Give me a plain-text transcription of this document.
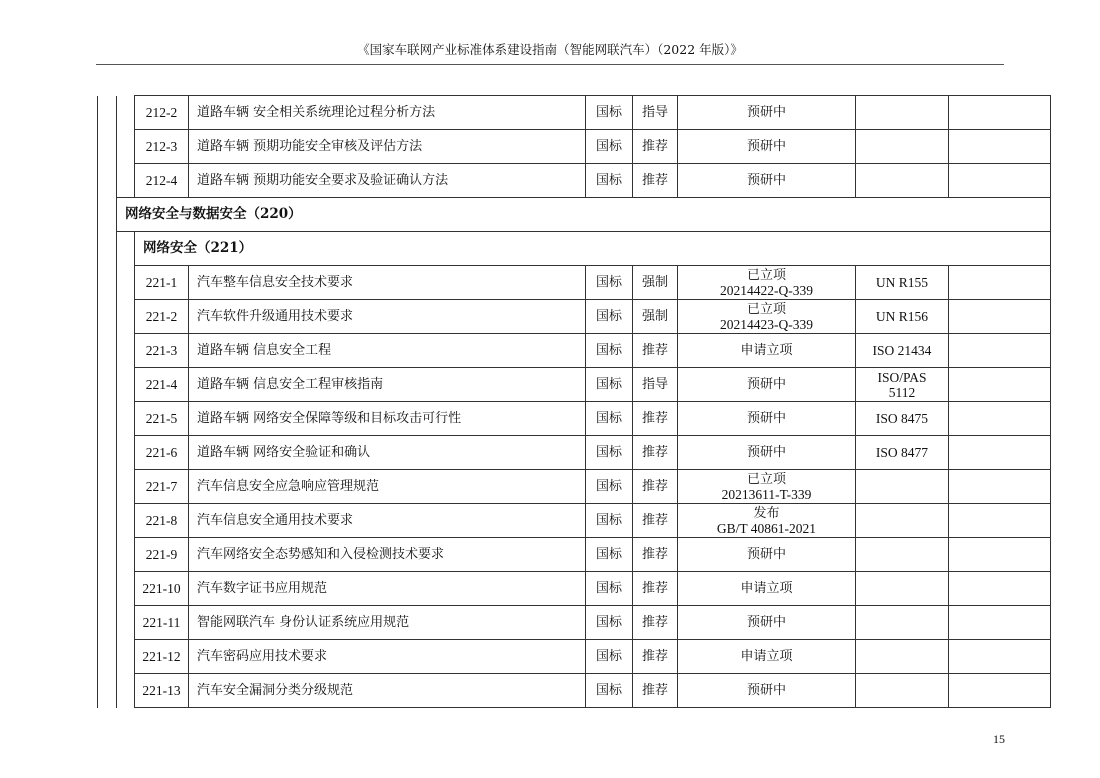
《国家车联网产业标准体系建设指南（智能网联汽车）（2022 年版）》
		212-2	道路车辆 安全相关系统理论过程分析方法	国标	指导	预研中		

		212-3	道路车辆 预期功能安全审核及评估方法	国标	推荐	预研中		

		212-4	道路车辆 预期功能安全要求及验证确认方法	国标	推荐	预研中		

	网络安全与数据安全（220）							
		网络安全（221）						
		221-1	汽车整车信息安全技术要求	国标	强制	已立项
20214422-Q-339	UN R155	

		221-2	汽车软件升级通用技术要求	国标	强制	已立项
20214423-Q-339	UN R156	

		221-3	道路车辆 信息安全工程	国标	推荐	申请立项	ISO 21434	

		221-4	道路车辆 信息安全工程审核指南	国标	指导	预研中	ISO/PAS
5112	

		221-5	道路车辆 网络安全保障等级和目标攻击可行性	国标	推荐	预研中	ISO 8475	

		221-6	道路车辆 网络安全验证和确认	国标	推荐	预研中	ISO 8477	

		221-7	汽车信息安全应急响应管理规范	国标	推荐	已立项
20213611-T-339		

		221-8	汽车信息安全通用技术要求	国标	推荐	发布
GB/T 40861-2021		

		221-9	汽车网络安全态势感知和入侵检测技术要求	国标	推荐	预研中		

		221-10	汽车数字证书应用规范	国标	推荐	申请立项		

		221-11	智能网联汽车 身份认证系统应用规范	国标	推荐	预研中		

		221-12	汽车密码应用技术要求	国标	推荐	申请立项		

		221-13	汽车安全漏洞分类分级规范	国标	推荐	预研中		

15
